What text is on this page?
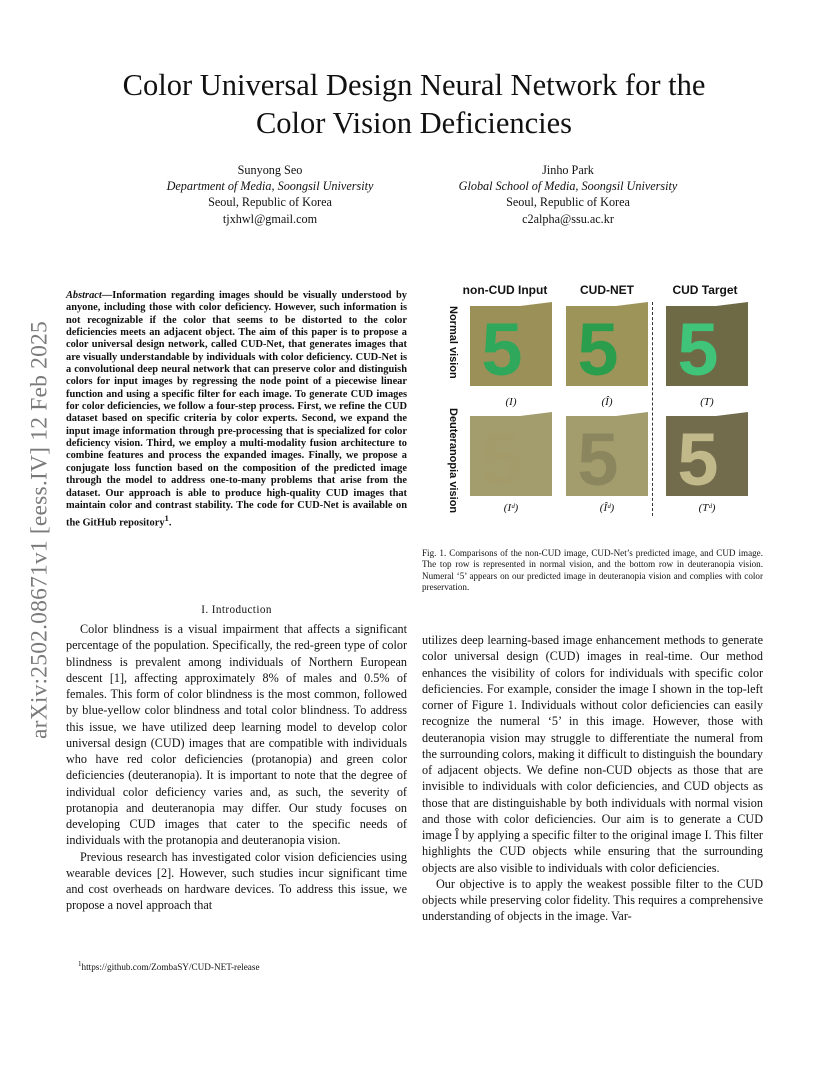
Color Universal Design Neural Network for the
Color Vision Deficiencies
Sunyong Seo
Department of Media, Soongsil University
Seoul, Republic of Korea
tjxhwl@gmail.com
Jinho Park
Global School of Media, Soongsil University
Seoul, Republic of Korea
c2alpha@ssu.ac.kr
arXiv:2502.08671v1 [eess.IV] 12 Feb 2025
Abstract—Information regarding images should be visually understood by anyone, including those with color deficiency. However, such information is not recognizable if the color that seems to be distorted to the color deficiencies meets an adjacent object. The aim of this paper is to propose a color universal design network, called CUD-Net, that generates images that are visually understandable by individuals with color deficiency. CUD-Net is a convolutional deep neural network that can preserve color and distinguish colors for input images by regressing the node point of a piecewise linear function and using a specific filter for each image. To generate CUD images for color deficiencies, we follow a four-step process. First, we refine the CUD dataset based on specific criteria by color experts. Second, we expand the input image information through pre-processing that is specialized for color deficiency vision. Third, we employ a multi-modality fusion architecture to combine features and process the expanded images. Finally, we propose a conjugate loss function based on the composition of the predicted image through the model to address one-to-many problems that arise from the dataset. Our approach is able to produce high-quality CUD images that maintain color and contrast stability. The code for CUD-Net is available on the GitHub repository$^1$.
I. Introduction

Color blindness is a visual impairment that affects a significant percentage of the population. Specifically, the red-green type of color blindness is prevalent among individuals of Northern European descent [1], affecting approximately 8% of males and 0.5% of females. This form of color blindness is the most common, followed by blue-yellow color blindness and total color blindness. To address this issue, we have utilized deep learning model to develop color universal design (CUD) images that are compatible with individuals who have red color deficiencies (protanopia) and green color deficiencies (deuteranopia). It is important to note that the degree of individual color deficiency varies and, as such, the severity of protanopia and deuteranopia may differ. Our study focuses on developing CUD images that cater to the specific needs of individuals with the protanopia and deuteranopia vision.

Previous research has investigated color vision deficiencies using wearable devices [2]. However, such studies incur significant time and cost overheads on hardware devices. To address this issue, we propose a novel approach that

$^1$https://github.com/ZombaSY/CUD-NET-release
non-CUD Input	CUD-NET	CUD Target
Normal vision
Deuteranopia vision
5 5 5
5 5 5
(I)	(Î)	(T)
(Iᵈ)	(Îᵈ)	(Tᵈ)
Fig. 1. Comparisons of the non-CUD image, CUD-Net’s predicted image, and CUD image. The top row is represented in normal vision, and the bottom row in deuteranopia vision. Numeral ‘5’ appears on our predicted image in deuteranopia vision and complies with color preservation.

utilizes deep learning-based image enhancement methods to generate color universal design (CUD) images in real-time. Our method enhances the visibility of colors for individuals with specific color deficiencies. For example, consider the image I shown in the top-left corner of Figure 1. Individuals without color deficiencies can easily recognize the numeral ‘5’ in this image. However, those with deuteranopia vision may struggle to differentiate the numeral from the surrounding colors, making it difficult to distinguish the boundary of adjacent objects. We define non-CUD objects as those that are invisible to individuals with color deficiencies, and CUD objects as those that are distinguishable by both individuals with normal vision and those with color deficiencies. Our aim is to generate a CUD image Î by applying a specific filter to the original image I. This filter highlights the CUD objects while ensuring that the surrounding objects are also visible to individuals with color deficiencies.

Our objective is to apply the weakest possible filter to the CUD objects while preserving color fidelity. This requires a comprehensive understanding of objects in the image. Var-
